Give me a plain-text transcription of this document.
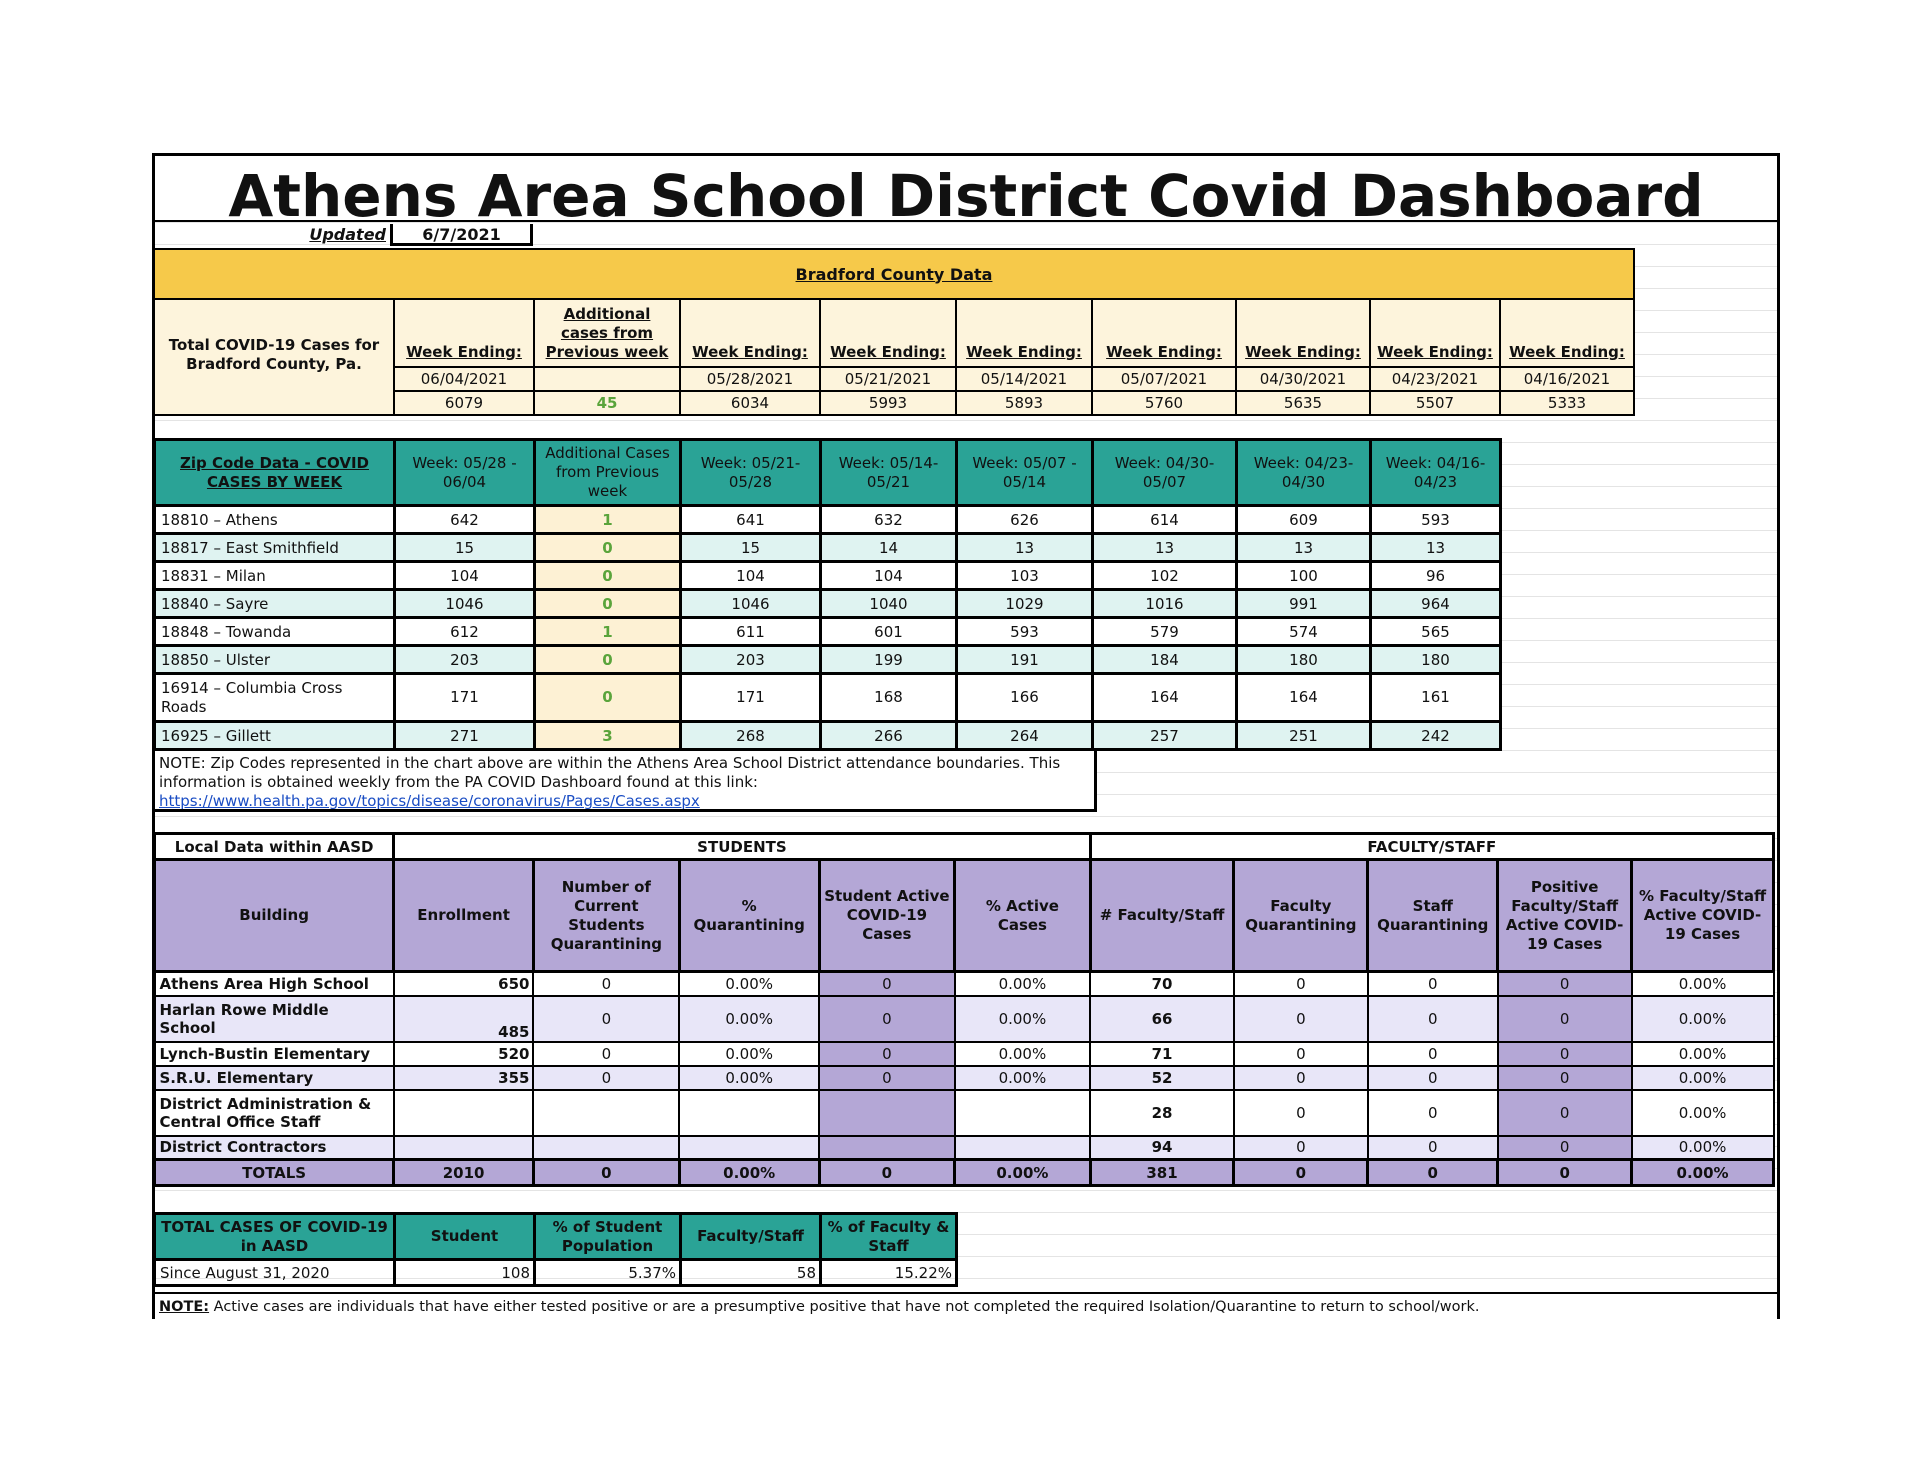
Athens Area School District Covid Dashboard
Updated	6/7/2021
Bradford County Data									
Total COVID-19 Cases for Bradford County, Pa.	Week Ending:	Additional cases from Previous week	Week Ending:	Week Ending:	Week Ending:	Week Ending:	Week Ending:	Week Ending:	Week Ending:
	06/04/2021		05/28/2021	05/21/2021	05/14/2021	05/07/2021	04/30/2021	04/23/2021	04/16/2021
	6079	45	6034	5993	5893	5760	5635	5507	5333
Zip Code Data - COVID CASES BY WEEK	Week: 05/28 - 06/04	Additional Cases from Previous week	Week: 05/21-05/28	Week: 05/14-05/21	Week: 05/07 - 05/14	Week: 04/30-05/07	Week: 04/23-04/30	Week: 04/16-04/23
18810 – Athens	642	1	641	632	626	614	609	593
18817 – East Smithfield	15	0	15	14	13	13	13	13
18831 – Milan	104	0	104	104	103	102	100	96
18840 – Sayre	1046	0	1046	1040	1029	1016	991	964
18848 – Towanda	612	1	611	601	593	579	574	565
18850 – Ulster	203	0	203	199	191	184	180	180
16914 – Columbia Cross Roads	171	0	171	168	166	164	164	161
16925 – Gillett	271	3	268	266	264	257	251	242
NOTE: Zip Codes represented in the chart above are within the Athens Area School District attendance boundaries. This information is obtained weekly from the PA COVID Dashboard found at this link: https://www.health.pa.gov/topics/disease/coronavirus/Pages/Cases.aspx
Local Data within AASD	STUDENTS					FACULTY/STAFF				
Building	Enrollment	Number of Current Students Quarantining	% Quarantining	Student Active COVID-19 Cases	% Active Cases	# Faculty/Staff	Faculty Quarantining	Staff Quarantining	Positive Faculty/Staff Active COVID-19 Cases	% Faculty/Staff Active COVID-19 Cases
Athens Area High School	650	0	0.00%	0	0.00%	70	0	0	0	0.00%
Harlan Rowe Middle School	485	0	0.00%	0	0.00%	66	0	0	0	0.00%
Lynch-Bustin Elementary	520	0	0.00%	0	0.00%	71	0	0	0	0.00%
S.R.U. Elementary	355	0	0.00%	0	0.00%	52	0	0	0	0.00%
District Administration & Central Office Staff						28	0	0	0	0.00%
District Contractors						94	0	0	0	0.00%
TOTALS	2010	0	0.00%	0	0.00%	381	0	0	0	0.00%
TOTAL CASES OF COVID-19 in AASD	Student	% of Student Population	Faculty/Staff	% of Faculty & Staff
Since August 31, 2020	108	5.37%	58	15.22%
NOTE: Active cases are individuals that have either tested positive or are a presumptive positive that have not completed the required Isolation/Quarantine to return to school/work.
